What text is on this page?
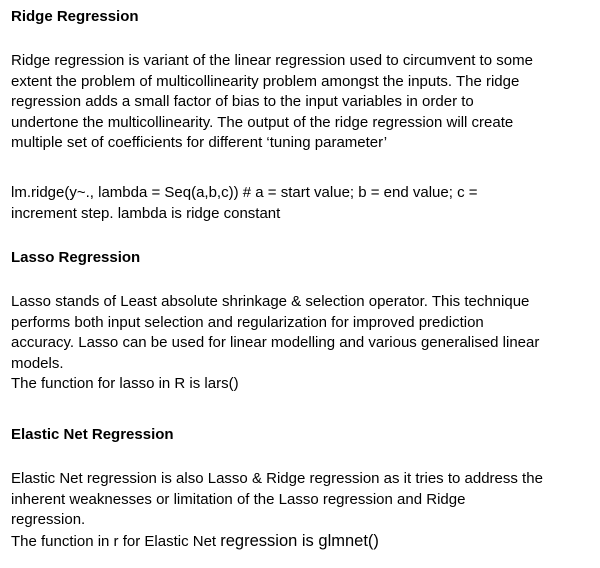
Ridge Regression
Ridge regression is variant of the linear regression used to circumvent to some
extent the problem of multicollinearity problem amongst the inputs. The ridge
regression adds a small factor of bias to the input variables in order to
undertone the multicollinearity. The output of the ridge regression will create
multiple set of coefficients for different ‘tuning parameter’
lm.ridge(y~., lambda = Seq(a,b,c)) # a = start value; b = end value; c =
increment step. lambda is ridge constant
Lasso Regression
Lasso stands of Least absolute shrinkage & selection operator. This technique
performs both input selection and regularization for improved prediction
accuracy. Lasso can be used for linear modelling and various generalised linear
models.
The function for lasso in R is lars()
Elastic Net Regression
Elastic Net regression is also Lasso & Ridge regression as it tries to address the
inherent weaknesses or limitation of the Lasso regression and Ridge
regression.
The function in r for Elastic Net regression is glmnet()
